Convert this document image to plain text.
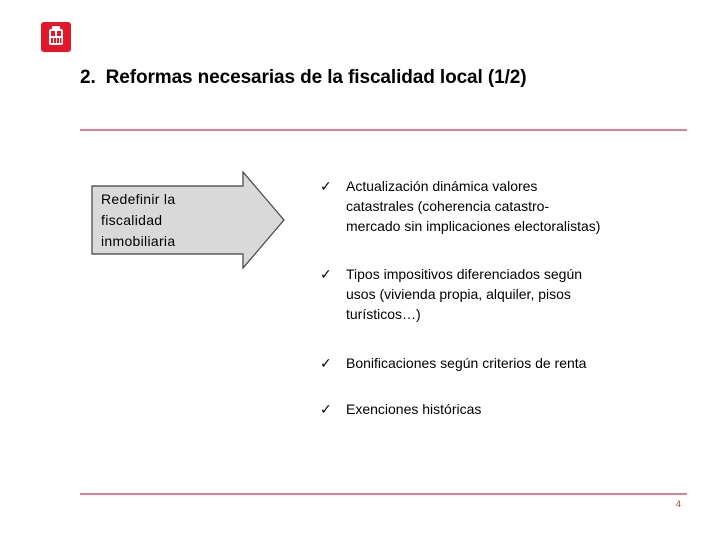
2. Reformas necesarias de la fiscalidad local (1/2)
Redefinir la
fiscalidad
inmobiliaria
✓ Actualización dinámica valores
catastrales (coherencia catastro-
mercado sin implicaciones electoralistas)
✓ Tipos impositivos diferenciados según
usos (vivienda propia, alquiler, pisos
turísticos…)
✓ Bonificaciones según criterios de renta
✓ Exenciones históricas
4
